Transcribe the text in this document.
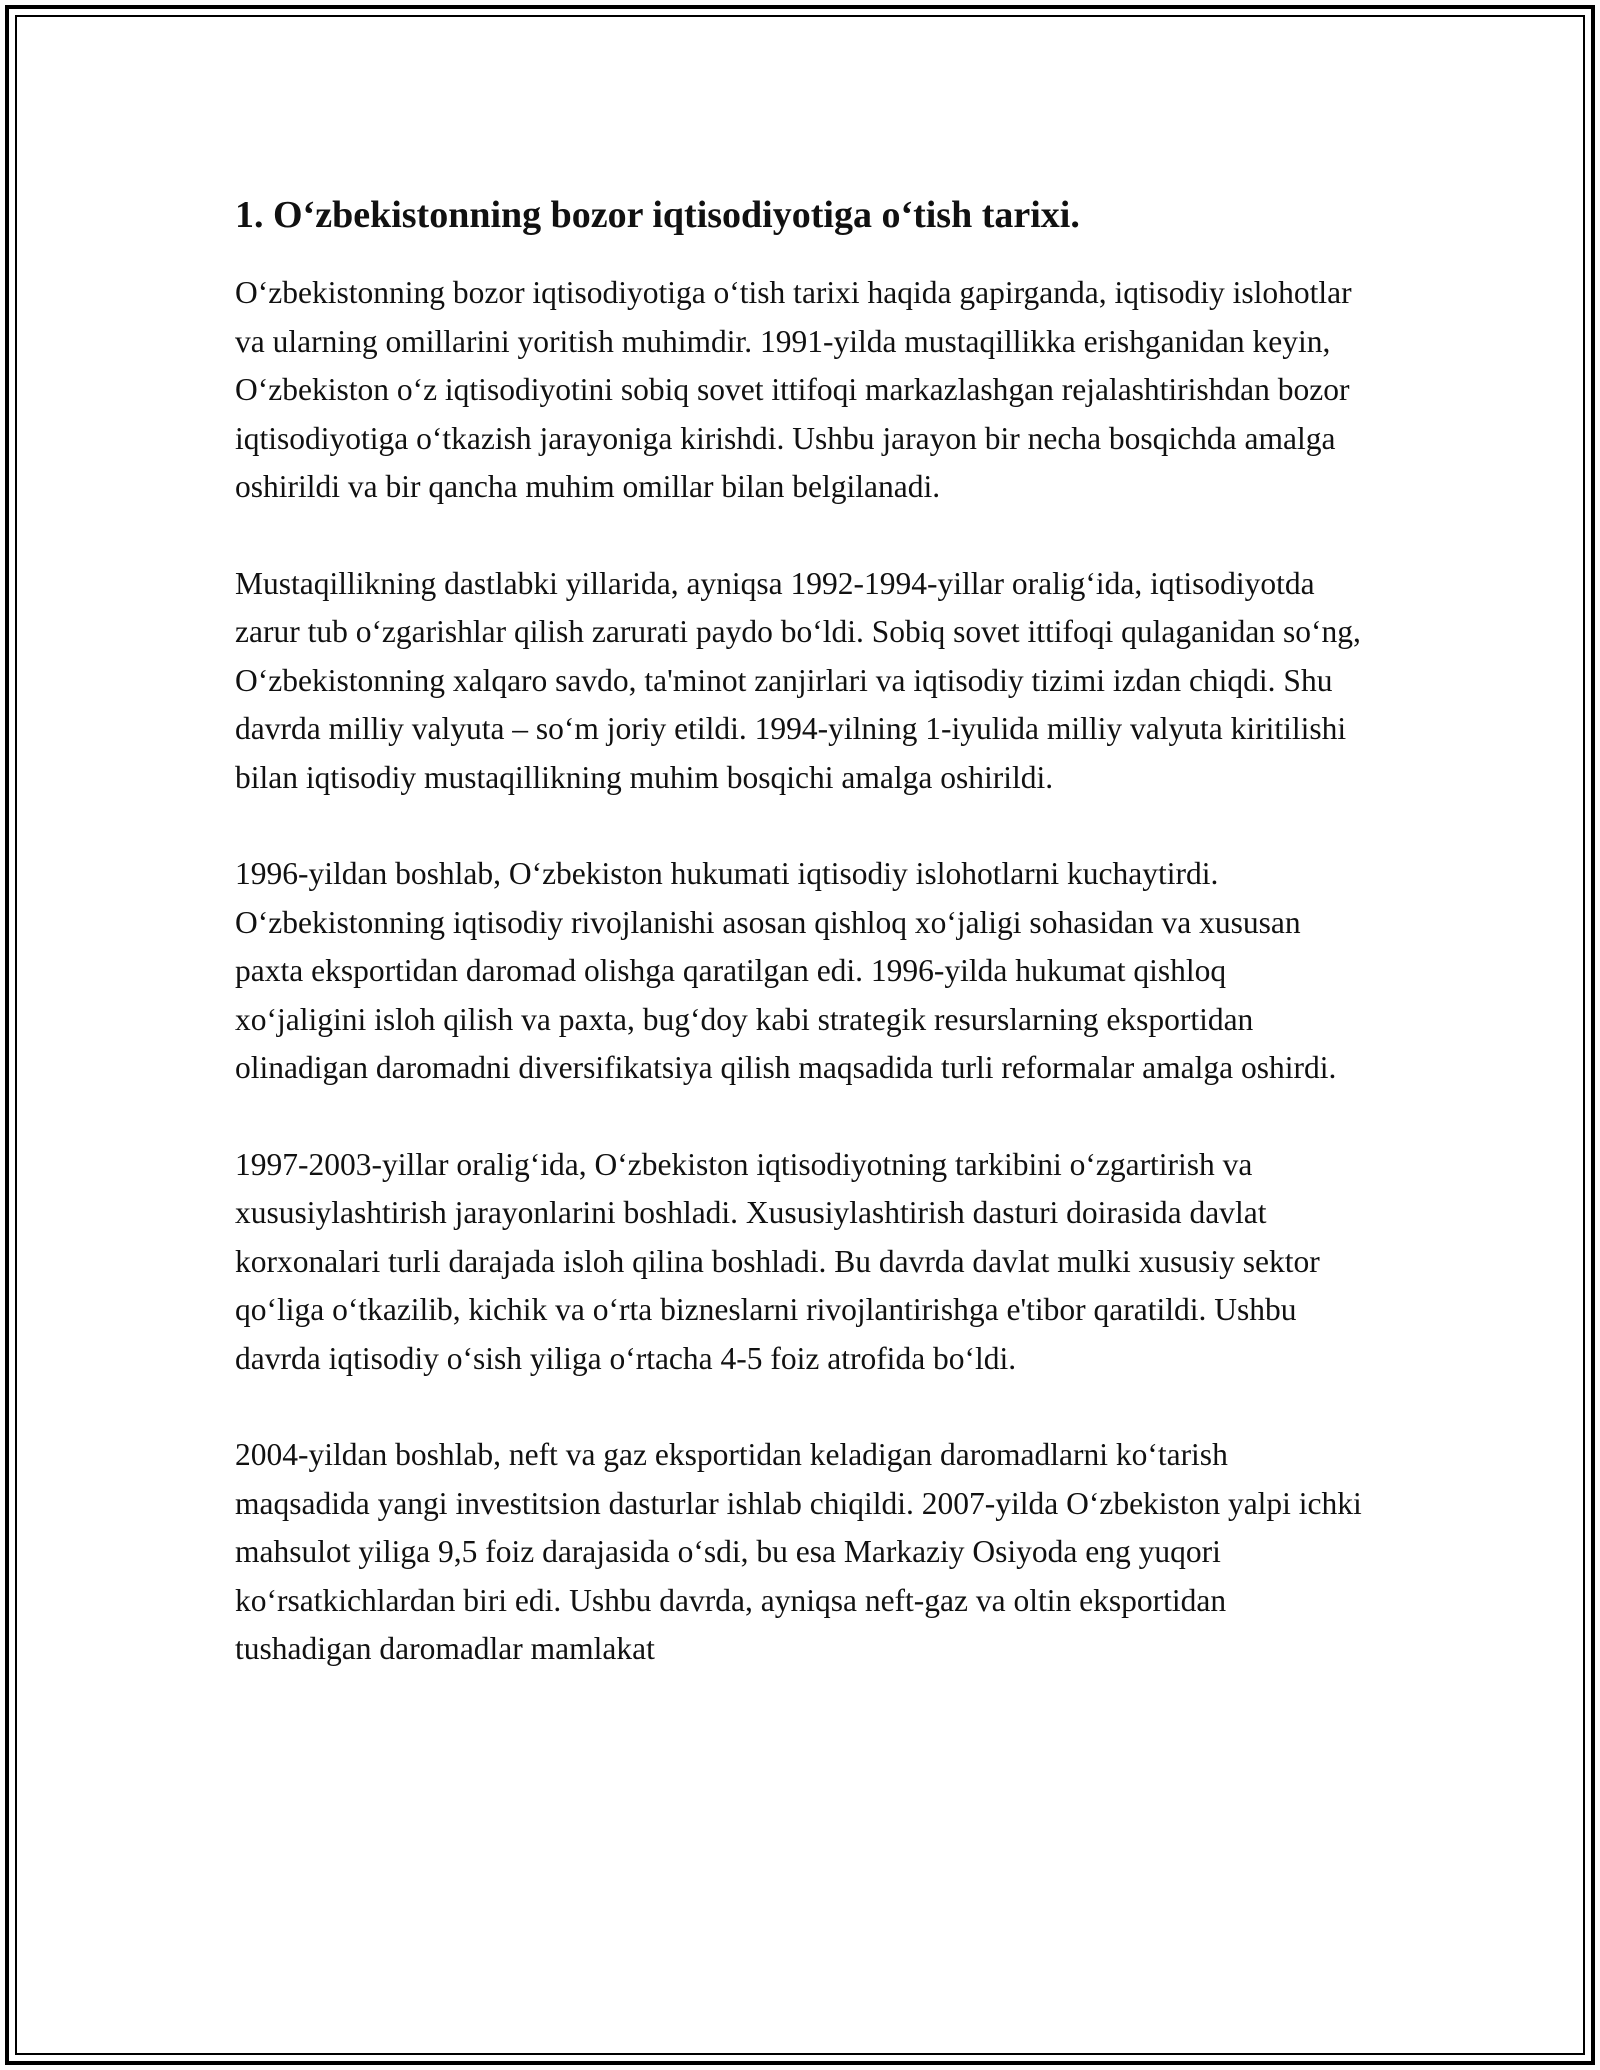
1. O‘zbekistonning bozor iqtisodiyotiga o‘tish tarixi.

O‘zbekistonning bozor iqtisodiyotiga o‘tish tarixi haqida gapirganda, iqtisodiy islohotlar va ularning omillarini yoritish muhimdir. 1991-yilda mustaqillikka erishganidan keyin, O‘zbekiston o‘z iqtisodiyotini sobiq sovet ittifoqi markazlashgan rejalashtirishdan bozor iqtisodiyotiga o‘tkazish jarayoniga kirishdi. Ushbu jarayon bir necha bosqichda amalga oshirildi va bir qancha muhim omillar bilan belgilanadi.

Mustaqillikning dastlabki yillarida, ayniqsa 1992-1994-yillar oralig‘ida, iqtisodiyotda zarur tub o‘zgarishlar qilish zarurati paydo bo‘ldi. Sobiq sovet ittifoqi qulaganidan so‘ng, O‘zbekistonning xalqaro savdo, ta'minot zanjirlari va iqtisodiy tizimi izdan chiqdi. Shu davrda milliy valyuta – so‘m joriy etildi. 1994-yilning 1-iyulida milliy valyuta kiritilishi bilan iqtisodiy mustaqillikning muhim bosqichi amalga oshirildi.

1996-yildan boshlab, O‘zbekiston hukumati iqtisodiy islohotlarni kuchaytirdi. O‘zbekistonning iqtisodiy rivojlanishi asosan qishloq xo‘jaligi sohasidan va xususan paxta eksportidan daromad olishga qaratilgan edi. 1996-yilda hukumat qishloq xo‘jaligini isloh qilish va paxta, bug‘doy kabi strategik resurslarning eksportidan olinadigan daromadni diversifikatsiya qilish maqsadida turli reformalar amalga oshirdi.

1997-2003-yillar oralig‘ida, O‘zbekiston iqtisodiyotning tarkibini o‘zgartirish va xususiylashtirish jarayonlarini boshladi. Xususiylashtirish dasturi doirasida davlat korxonalari turli darajada isloh qilina boshladi. Bu davrda davlat mulki xususiy sektor qo‘liga o‘tkazilib, kichik va o‘rta bizneslarni rivojlantirishga e'tibor qaratildi. Ushbu davrda iqtisodiy o‘sish yiliga o‘rtacha 4-5 foiz atrofida bo‘ldi.

2004-yildan boshlab, neft va gaz eksportidan keladigan daromadlarni ko‘tarish maqsadida yangi investitsion dasturlar ishlab chiqildi. 2007-yilda O‘zbekiston yalpi ichki mahsulot yiliga 9,5 foiz darajasida o‘sdi, bu esa Markaziy Osiyoda eng yuqori ko‘rsatkichlardan biri edi. Ushbu davrda, ayniqsa neft-gaz va oltin eksportidan tushadigan daromadlar mamlakat
